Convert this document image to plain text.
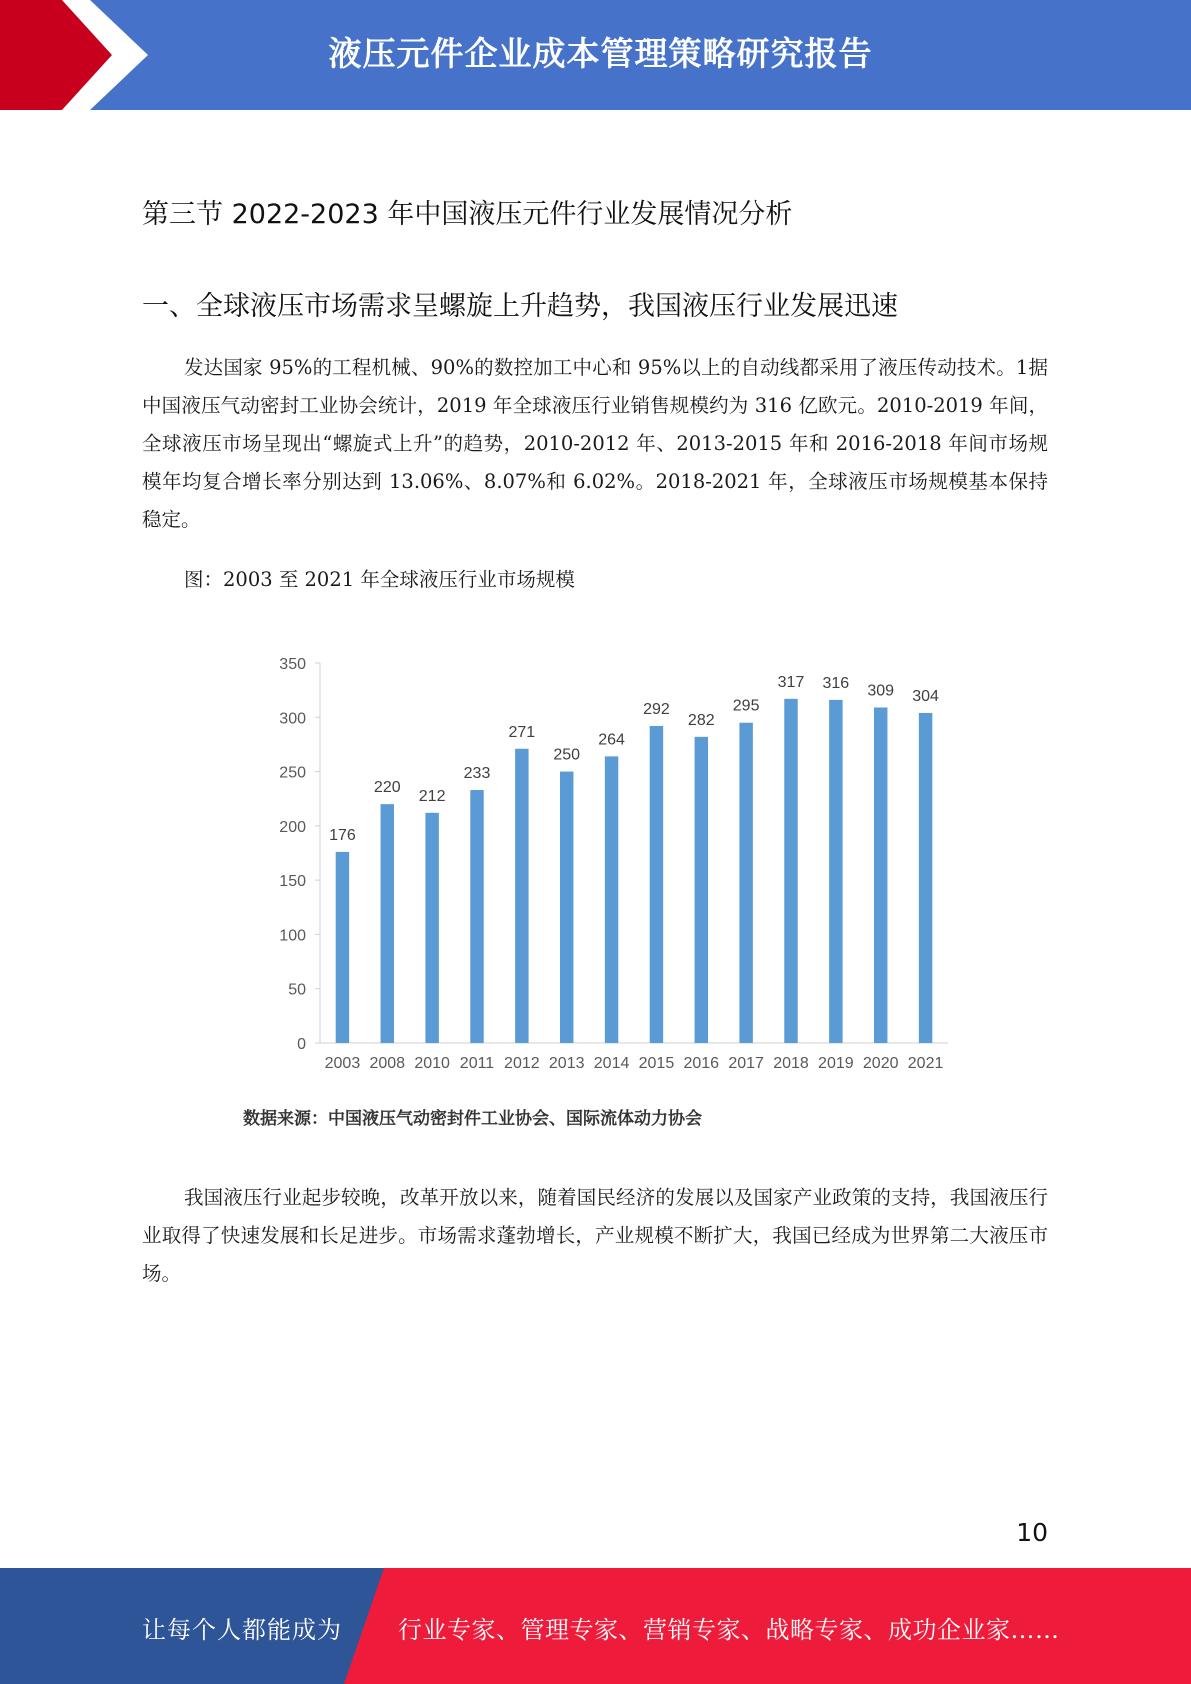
液压元件企业成本管理策略研究报告
第三节 2022-2023 年中国液压元件行业发展情况分析
一、全球液压市场需求呈螺旋上升趋势，我国液压行业发展迅速
发达国家 95%的工程机械、90%的数控加工中心和 95%以上的自动线都采用了液压传动技术。1据中国液压气动密封工业协会统计，2019 年全球液压行业销售规模约为 316 亿欧元。2010-2019 年间，全球液压市场呈现出“螺旋式上升”的趋势，2010-2012 年、2013-2015 年和 2016-2018 年间市场规模年均复合增长率分别达到 13.06%、8.07%和 6.02%。2018-2021 年，全球液压市场规模基本保持稳定。
图：2003 至 2021 年全球液压行业市场规模
0
50
100
150
200
250
300
350
176
2003
220
2008
212
2010
233
2011
271
2012
250
2013
264
2014
292
2015
282
2016
295
2017
317
2018
316
2019
309
2020
304
2021
数据来源：中国液压气动密封件工业协会、国际流体动力协会
我国液压行业起步较晚，改革开放以来，随着国民经济的发展以及国家产业政策的支持，我国液压行业取得了快速发展和长足进步。市场需求蓬勃增长，产业规模不断扩大，我国已经成为世界第二大液压市场。
10
让每个人都能成为 行业专家、管理专家、营销专家、战略专家、成功企业家……
